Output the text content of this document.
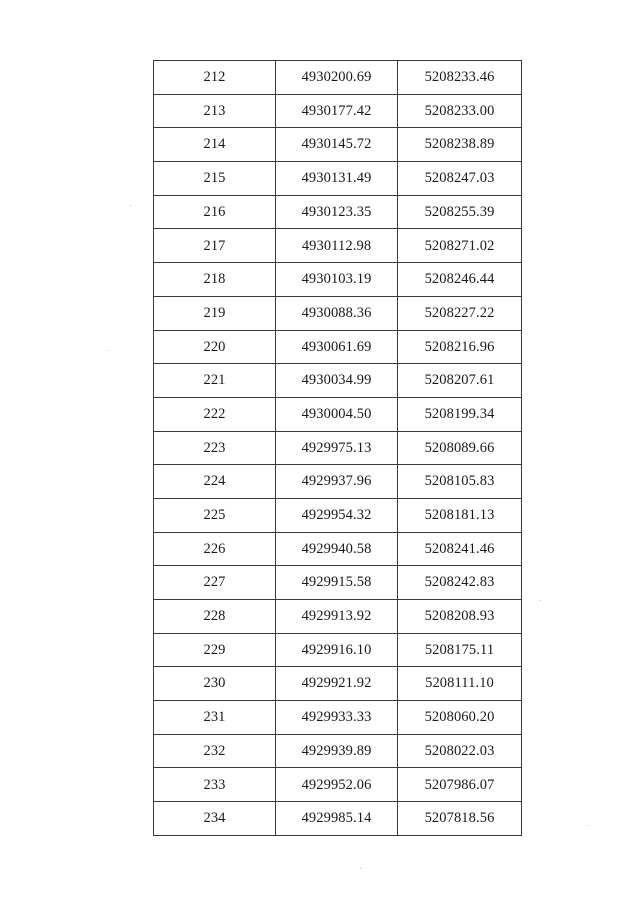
212	4930200.69	5208233.46
213	4930177.42	5208233.00
214	4930145.72	5208238.89
215	4930131.49	5208247.03
216	4930123.35	5208255.39
217	4930112.98	5208271.02
218	4930103.19	5208246.44
219	4930088.36	5208227.22
220	4930061.69	5208216.96
221	4930034.99	5208207.61
222	4930004.50	5208199.34
223	4929975.13	5208089.66
224	4929937.96	5208105.83
225	4929954.32	5208181.13
226	4929940.58	5208241.46
227	4929915.58	5208242.83
228	4929913.92	5208208.93
229	4929916.10	5208175.11
230	4929921.92	5208111.10
231	4929933.33	5208060.20
232	4929939.89	5208022.03
233	4929952.06	5207986.07
234	4929985.14	5207818.56
